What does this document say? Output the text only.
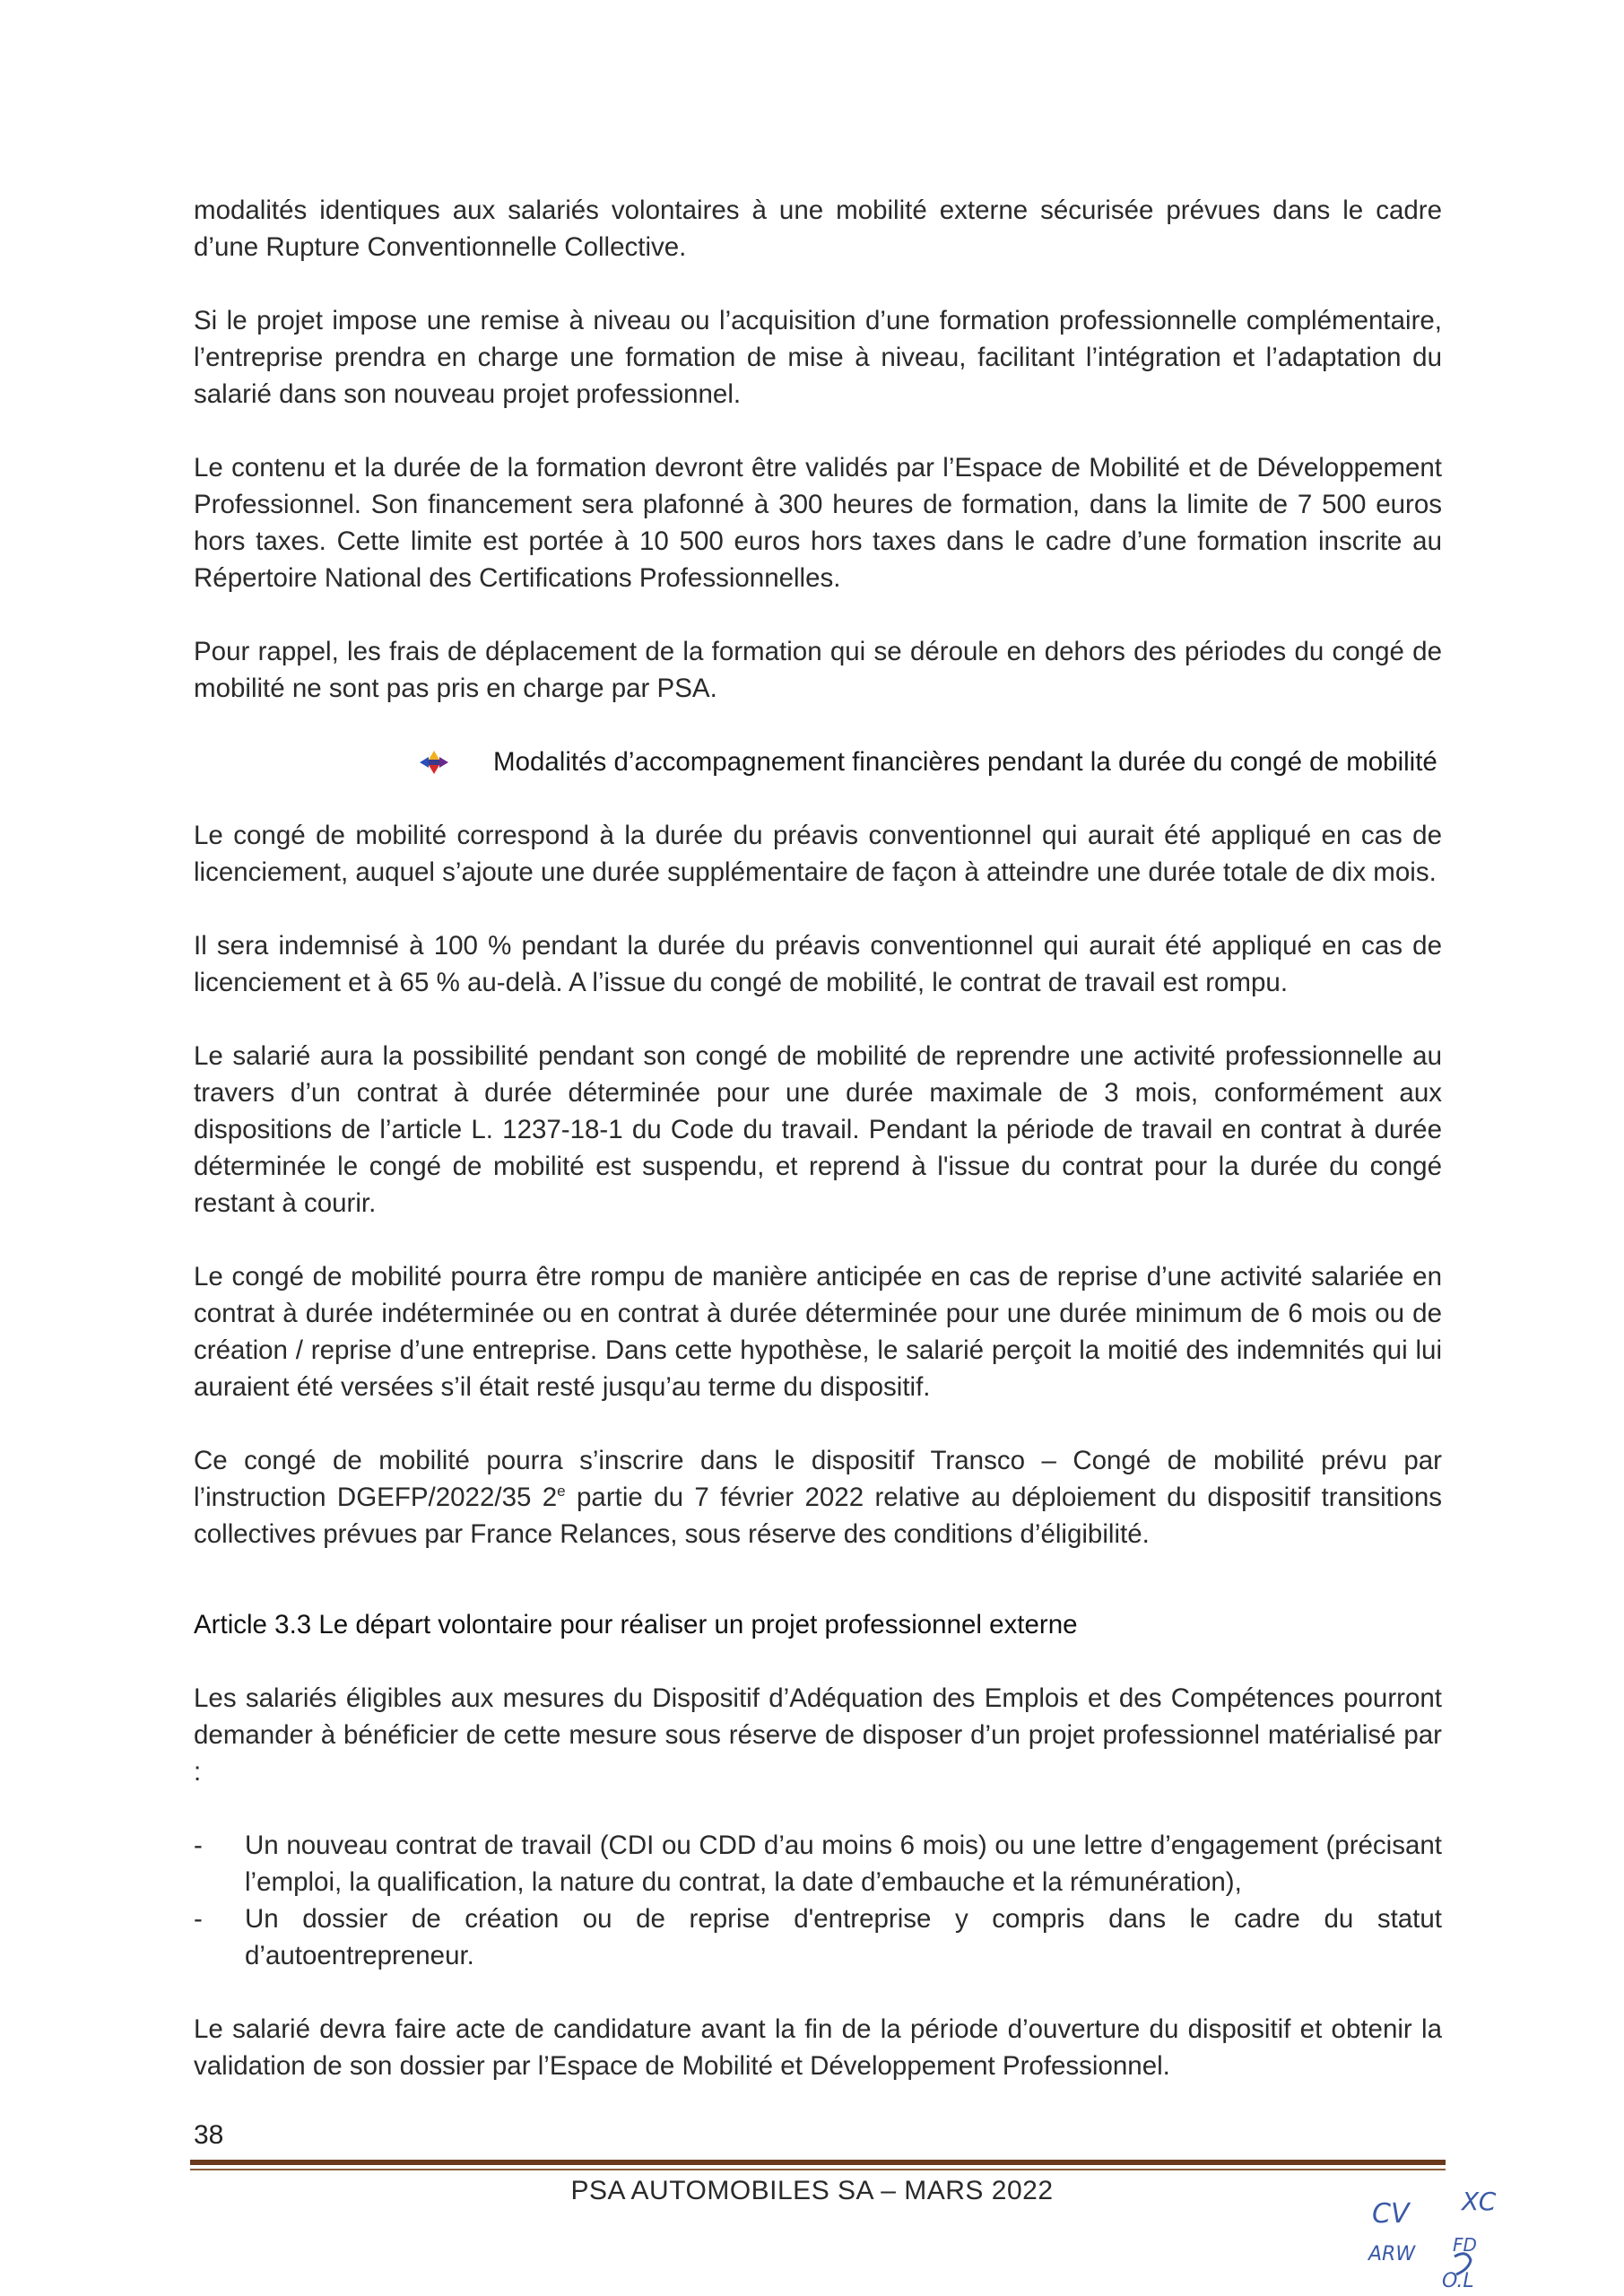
modalités identiques aux salariés volontaires à une mobilité externe sécurisée prévues dans le cadre d’une Rupture Conventionnelle Collective.

Si le projet impose une remise à niveau ou l’acquisition d’une formation professionnelle complémentaire, l’entreprise prendra en charge une formation de mise à niveau, facilitant l’intégration et l’adaptation du salarié dans son nouveau projet professionnel.

Le contenu et la durée de la formation devront être validés par l’Espace de Mobilité et de Développement Professionnel. Son financement sera plafonné à 300 heures de formation, dans la limite de 7 500 euros hors taxes. Cette limite est portée à 10 500 euros hors taxes dans le cadre d’une formation inscrite au Répertoire National des Certifications Professionnelles.

Pour rappel, les frais de déplacement de la formation qui se déroule en dehors des périodes du congé de mobilité ne sont pas pris en charge par PSA.

Modalités d’accompagnement financières pendant la durée du congé de mobilité

Le congé de mobilité correspond à la durée du préavis conventionnel qui aurait été appliqué en cas de licenciement, auquel s’ajoute une durée supplémentaire de façon à atteindre une durée totale de dix mois.

Il sera indemnisé à 100 % pendant la durée du préavis conventionnel qui aurait été appliqué en cas de licenciement et à 65 % au-delà. A l’issue du congé de mobilité, le contrat de travail est rompu.

Le salarié aura la possibilité pendant son congé de mobilité de reprendre une activité professionnelle au travers d’un contrat à durée déterminée pour une durée maximale de 3 mois, conformément aux dispositions de l’article L. 1237-18-1 du Code du travail. Pendant la période de travail en contrat à durée déterminée le congé de mobilité est suspendu, et reprend à l'issue du contrat pour la durée du congé restant à courir.

Le congé de mobilité pourra être rompu de manière anticipée en cas de reprise d’une activité salariée en contrat à durée indéterminée ou en contrat à durée déterminée pour une durée minimum de 6 mois ou de création / reprise d’une entreprise. Dans cette hypothèse, le salarié perçoit la moitié des indemnités qui lui auraient été versées s’il était resté jusqu’au terme du dispositif.

Ce congé de mobilité pourra s’inscrire dans le dispositif Transco – Congé de mobilité prévu par l’instruction DGEFP/2022/35 2e partie du 7 février 2022 relative au déploiement du dispositif transitions collectives prévues par France Relances, sous réserve des conditions d’éligibilité.

Article 3.3 Le départ volontaire pour réaliser un projet professionnel externe

Les salariés éligibles aux mesures du Dispositif d’Adéquation des Emplois et des Compétences pourront demander à bénéficier de cette mesure sous réserve de disposer d’un projet professionnel matérialisé par :

-	Un nouveau contrat de travail (CDI ou CDD d’au moins 6 mois) ou une lettre d’engagement (précisant l’emploi, la qualification, la nature du contrat, la date d’embauche et la rémunération),
-	Un dossier de création ou de reprise d'entreprise y compris dans le cadre du statut d’autoentrepreneur.

Le salarié devra faire acte de candidature avant la fin de la période d’ouverture du dispositif et obtenir la validation de son dossier par l’Espace de Mobilité et Développement Professionnel.

38
PSA AUTOMOBILES SA – MARS 2022
CV XC
ARW FD
O.L
